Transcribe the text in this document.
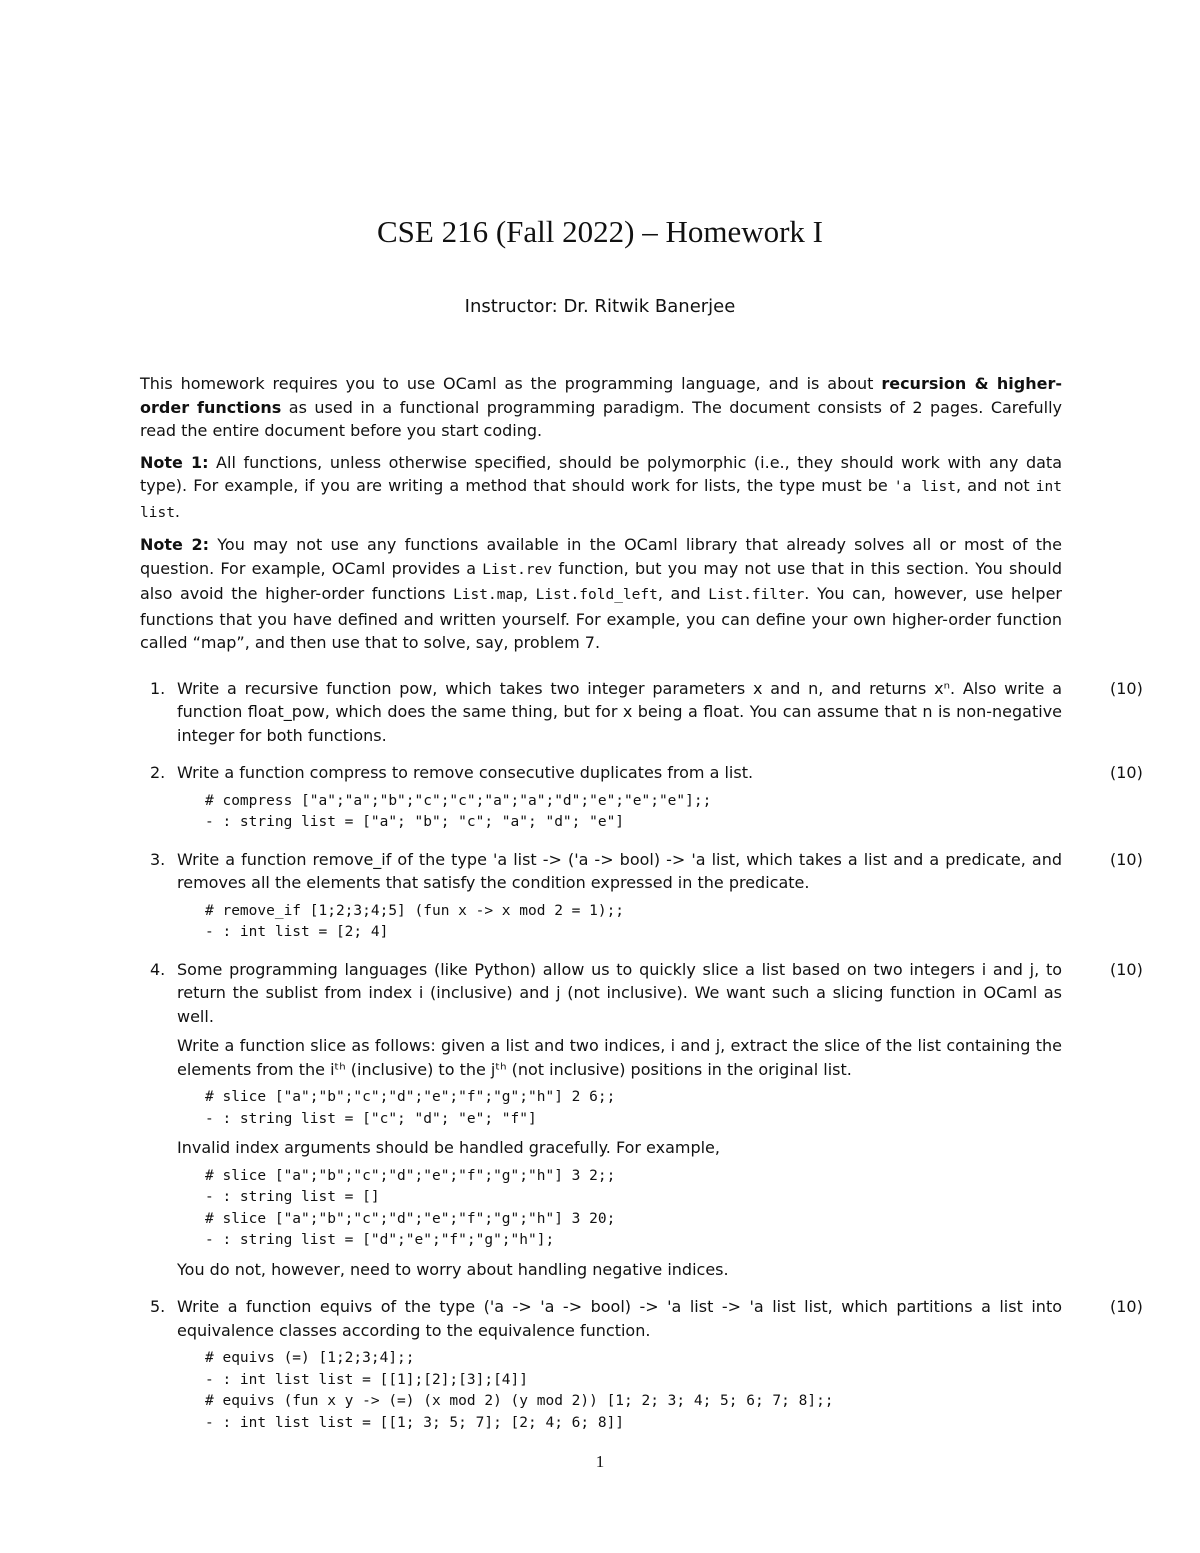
CSE 216 (Fall 2022) – Homework I
Instructor: Dr. Ritwik Banerjee

This homework requires you to use OCaml as the programming language, and is about recursion & higher-order functions as used in a functional programming paradigm. The document consists of 2 pages. Carefully read the entire document before you start coding.

Note 1: All functions, unless otherwise specified, should be polymorphic (i.e., they should work with any data type). For example, if you are writing a method that should work for lists, the type must be 'a list, and not int list.

Note 2: You may not use any functions available in the OCaml library that already solves all or most of the question. For example, OCaml provides a List.rev function, but you may not use that in this section. You should also avoid the higher-order functions List.map, List.fold_left, and List.filter. You can, however, use helper functions that you have defined and written yourself. For example, you can define your own higher-order function called “map”, and then use that to solve, say, problem 7.

1.	(10)

Write a recursive function pow, which takes two integer parameters x and n, and returns xⁿ. Also write a function float_pow, which does the same thing, but for x being a float. You can assume that n is non-negative integer for both functions.

2.	(10)

Write a function compress to remove consecutive duplicates from a list.

# compress ["a";"a";"b";"c";"c";"a";"a";"d";"e";"e";"e"];;
- : string list = ["a"; "b"; "c"; "a"; "d"; "e"]
3.	(10)

Write a function remove_if of the type 'a list -> ('a -> bool) -> 'a list, which takes a list and a predicate, and removes all the elements that satisfy the condition expressed in the predicate.

# remove_if [1;2;3;4;5] (fun x -> x mod 2 = 1);;
- : int list = [2; 4]
4.	(10)

Some programming languages (like Python) allow us to quickly slice a list based on two integers i and j, to return the sublist from index i (inclusive) and j (not inclusive). We want such a slicing function in OCaml as well.

Write a function slice as follows: given a list and two indices, i and j, extract the slice of the list containing the elements from the iᵗʰ (inclusive) to the jᵗʰ (not inclusive) positions in the original list.

# slice ["a";"b";"c";"d";"e";"f";"g";"h"] 2 6;;
- : string list = ["c"; "d"; "e"; "f"]

Invalid index arguments should be handled gracefully. For example,

# slice ["a";"b";"c";"d";"e";"f";"g";"h"] 3 2;;
- : string list = []
# slice ["a";"b";"c";"d";"e";"f";"g";"h"] 3 20;
- : string list = ["d";"e";"f";"g";"h"];

You do not, however, need to worry about handling negative indices.

5.	(10)

Write a function equivs of the type ('a -> 'a -> bool) -> 'a list -> 'a list list, which partitions a list into equivalence classes according to the equivalence function.

# equivs (=) [1;2;3;4];;
- : int list list = [[1];[2];[3];[4]]
# equivs (fun x y -> (=) (x mod 2) (y mod 2)) [1; 2; 3; 4; 5; 6; 7; 8];;
- : int list list = [[1; 3; 5; 7]; [2; 4; 6; 8]]
1
